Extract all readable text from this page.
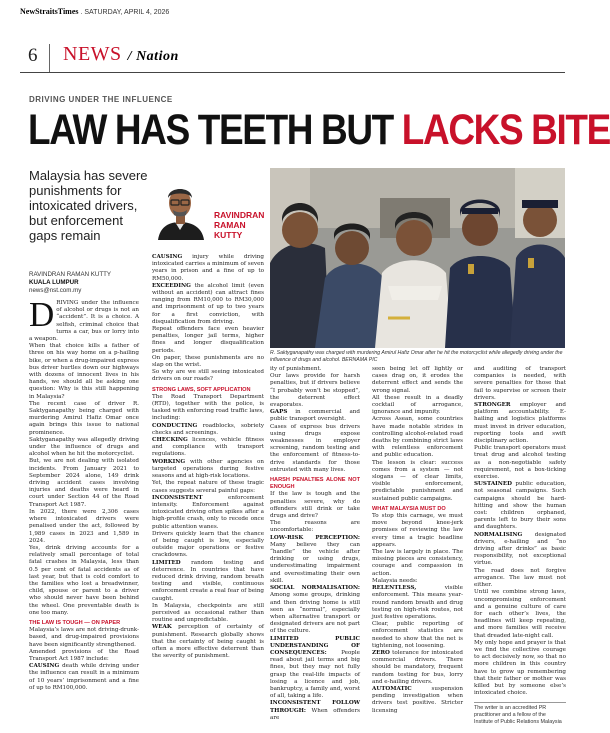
NewStraitsTimes . SATURDAY, APRIL 4, 2026
6 NEWS / Nation
DRIVING UNDER THE INFLUENCE
LAW HAS TEETH BUT LACKS BITE
Malaysia has severe punishments for intoxicated drivers, but enforcement gaps remain
RAVINDRAN
RAMAN
KUTTY
R. Saktyganapathy was charged with murdering Amirul Hafiz Omar after he hit the motorcyclist while allegedly driving under the influence of drugs and alcohol. BERNAMA PIC
RAVINDRAN RAMAN KUTTY
KUALA LUMPUR
news@nst.com.my

DRIVING under the influence of alcohol or drugs is not an “accident”. It is a choice. A selfish, criminal choice that turns a car, bus or lorry into a weapon.

When that choice kills a father of three on his way home on a p-hailing bike, or when a drug-impaired express bus driver hurtles down our highways with dozens of innocent lives in his hands, we should all be asking one question: Why is this still happening in Malaysia?

The recent case of driver R. Saktyganapathy being charged with murdering Amirul Hafiz Omar once again brings this issue to national prominence.

Saktyganapathy was allegedly driving under the influence of drugs and alcohol when he hit the motorcyclist.

But, we are not dealing with isolated incidents. From January 2021 to September 2024 alone, 149 drink driving accident cases involving injuries and deaths were heard in court under Section 44 of the Road Transport Act 1987.

In 2022, there were 2,306 cases where intoxicated drivers were penalised under the act, followed by 1,989 cases in 2023 and 1,589 in 2024.

Yes, drink driving accounts for a relatively small percentage of total fatal crashes in Malaysia, less than 0.5 per cent of fatal accidents as of last year, but that is cold comfort to the families who lost a breadwinner, child, spouse or parent to a driver who should never have been behind the wheel. One preventable death is one too many.

THE LAW IS TOUGH — ON PAPER

Malaysia’s laws are not driving-drunk-based, and drug-impaired provisions have been significantly strengthened.

Amended provisions of the Road Transport Act 1987 include:

CAUSING death while driving under the influence can result in a minimum of 10 years’ imprisonment and a fine of up to RM100,000.

CAUSING injury while driving intoxicated carries a minimum of seven years in prison and a fine of up to RM50,000.

EXCEEDING the alcohol limit (even without an accident) can attract fines ranging from RM10,000 to RM30,000 and imprisonment of up to two years for a first conviction, with disqualification from driving.

Repeat offenders face even heavier penalties, longer jail terms, higher fines and longer disqualification periods.

On paper, these punishments are no slap on the wrist.

So why are we still seeing intoxicated drivers on our roads?

STRONG LAWS, SOFT APPLICATION

The Road Transport Department (RTD), together with the police, is tasked with enforcing road traffic laws, including:

CONDUCTING roadblocks, sobriety checks and screenings.

CHECKING licences, vehicle fitness and compliance with transport regulations.

WORKING with other agencies on targeted operations during festive seasons and at high-risk locations.

Yet, the repeat nature of these tragic cases suggests several painful gaps:

INCONSISTENT enforcement intensity. Enforcement against intoxicated driving often spikes after a high-profile crash, only to recede once public attention wanes.

Drivers quickly learn that the chance of being caught is low, especially outside major operations or festive crackdowns.

LIMITED random testing and deterrence. In countries that have reduced drink driving, random breath testing and visible, continuous enforcement create a real fear of being caught.

In Malaysia, checkpoints are still perceived as occasional rather than routine and unpredictable.

WEAK perception of certainty of punishment. Research globally shows that the certainty of being caught is often a more effective deterrent than the severity of punishment.

ity of punishment.

Our laws provide for harsh penalties, but if drivers believe “I probably won’t be stopped”, the deterrent effect evaporates.

GAPS in commercial and public transport oversight.

Cases of express bus drivers using drugs expose weaknesses in employer screening, random testing and the enforcement of fitness-to-drive standards for those entrusted with many lives.

HARSH PENALTIES ALONE NOT ENOUGH

If the law is tough and the penalties severe, why do offenders still drink or take drugs and drive?

The reasons are uncomfortable:

LOW-RISK PERCEPTION: Many believe they can “handle” the vehicle after drinking or using drugs, underestimating impairment and overestimating their own skill.

SOCIAL NORMALISATION: Among some groups, drinking and then driving home is still seen as “normal”, especially when alternative transport or designated drivers are not part of the culture.

LIMITED PUBLIC UNDERSTANDING OF CONSEQUENCES: People read about jail terms and big fines, but they may not fully grasp the real-life impacts of losing a licence and job, bankruptcy, a family and, worst of all, taking a life.

INCONSISTENT FOLLOW THROUGH: When offenders are

seen being let off lightly or cases drag on, it erodes the deterrent effect and sends the wrong signal.

All these result in a deadly cocktail of arrogance, ignorance and impunity.

Across Asean, some countries have made notable strides in controlling alcohol-related road deaths by combining strict laws with relentless enforcement and public education.

The lesson is clear: success comes from a system — not slogans — of clear limits, visible enforcement, predictable punishment and sustained public campaigns.

WHAT MALAYSIA MUST DO

To stop this carnage, we must move beyond knee-jerk promises of reviewing the law every time a tragic headline appears.

The law is largely in place. The missing pieces are consistency, courage and compassion in action.

Malaysia needs:

RELENTLESS, visible enforcement. This means year-round random breath and drug testing on high-risk routes, not just festive operations.

Clear, public reporting of enforcement statistics are needed to show that the net is tightening, not loosening.

ZERO tolerance for intoxicated commercial drivers. There should be mandatory, frequent random testing for bus, lorry and e-hailing drivers.

AUTOMATIC suspension pending investigation when drivers test positive. Stricter licensing

and auditing of transport companies is needed, with severe penalties for those that fail to supervise or screen their drivers.

STRONGER employer and platform accountability. E-hailing and logistics platforms must invest in driver education, reporting tools and swift disciplinary action.

Public transport operators must treat drug and alcohol testing as a non-negotiable safety requirement, not a box-ticking exercise.

SUSTAINED public education, not seasonal campaigns. Such campaigns should be hard-hitting and show the human cost: children orphaned, parents left to bury their sons and daughters.

NORMALISING designated drivers, e-hailing and “no driving after drinks” as basic responsibility, not exceptional virtue.

The road does not forgive arrogance. The law must not either.

Until we combine strong laws, uncompromising enforcement and a genuine culture of care for each other’s lives, the headlines will keep repeating, and more families will receive that dreaded late-night call.

My only hope and prayer is that we find the collective courage to act decisively now, so that no more children in this country have to grow up remembering that their father or mother was killed but by someone else’s intoxicated choice.

The writer is an accredited PR practitioner and a fellow of the Institute of Public Relations Malaysia
